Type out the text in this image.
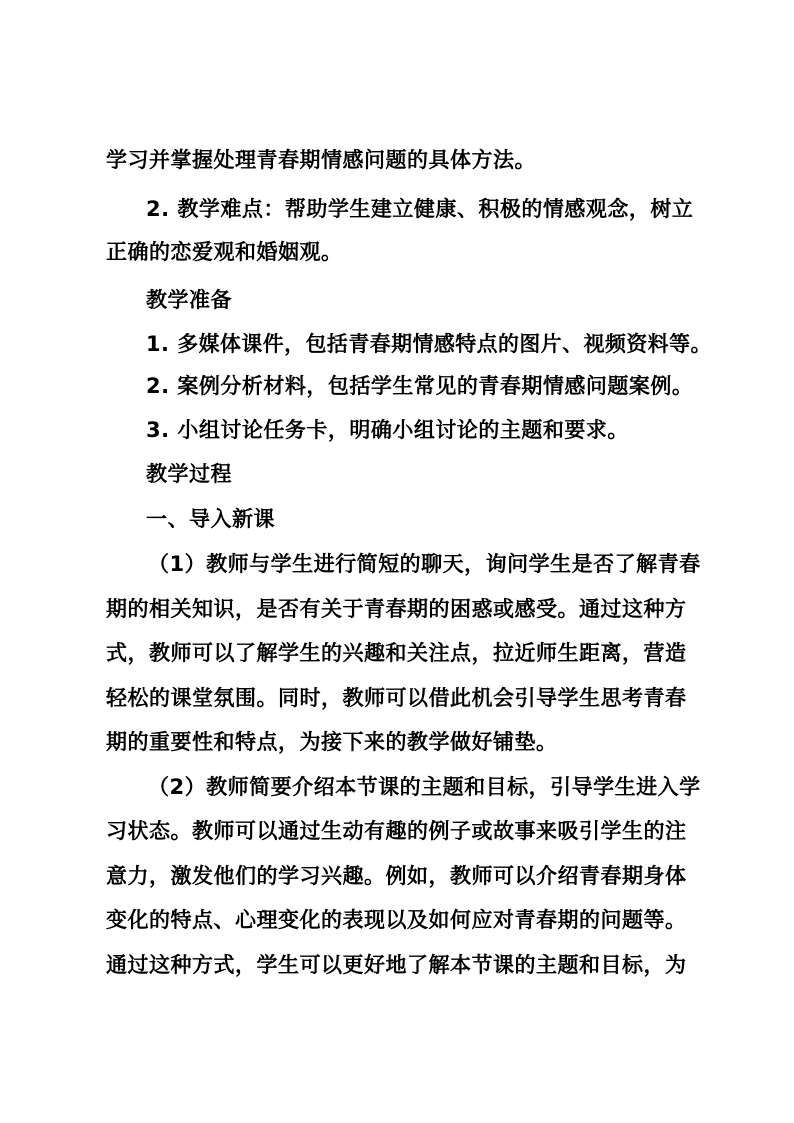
学习并掌握处理青春期情感问题的具体方法。
2. 教学难点：帮助学生建立健康、积极的情感观念，树立
正确的恋爱观和婚姻观。
教学准备
1. 多媒体课件，包括青春期情感特点的图片、视频资料等。
2. 案例分析材料，包括学生常见的青春期情感问题案例。
3. 小组讨论任务卡，明确小组讨论的主题和要求。
教学过程
一、导入新课
（1）教师与学生进行简短的聊天，询问学生是否了解青春
期的相关知识，是否有关于青春期的困惑或感受。通过这种方
式，教师可以了解学生的兴趣和关注点，拉近师生距离，营造
轻松的课堂氛围。同时，教师可以借此机会引导学生思考青春
期的重要性和特点，为接下来的教学做好铺垫。
（2）教师简要介绍本节课的主题和目标，引导学生进入学
习状态。教师可以通过生动有趣的例子或故事来吸引学生的注
意力，激发他们的学习兴趣。例如，教师可以介绍青春期身体
变化的特点、心理变化的表现以及如何应对青春期的问题等。
通过这种方式，学生可以更好地了解本节课的主题和目标，为
